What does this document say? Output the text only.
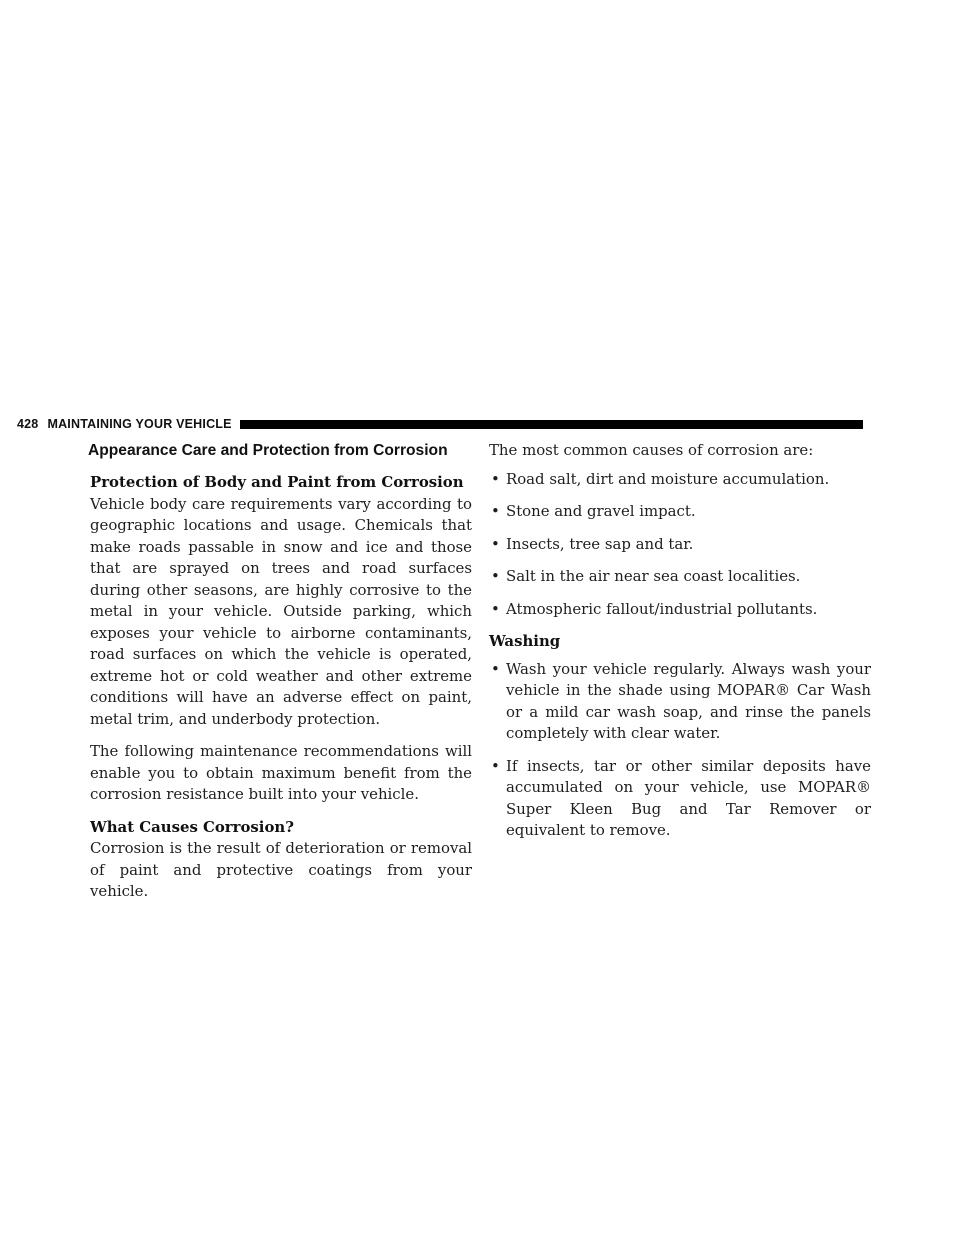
428 MAINTAINING YOUR VEHICLE
Appearance Care and Protection from Corrosion
Protection of Body and Paint from Corrosion

Vehicle body care requirements vary according to geographic locations and usage. Chemicals that make roads passable in snow and ice and those that are sprayed on trees and road surfaces during other seasons, are highly corrosive to the metal in your vehicle. Outside parking, which exposes your vehicle to airborne contaminants, road surfaces on which the vehicle is operated, extreme hot or cold weather and other extreme conditions will have an adverse effect on paint, metal trim, and underbody protection.

The following maintenance recommendations will enable you to obtain maximum benefit from the corrosion resistance built into your vehicle.

What Causes Corrosion?

Corrosion is the result of deterioration or removal of paint and protective coatings from your vehicle.

The most common causes of corrosion are:

• Road salt, dirt and moisture accumulation.
• Stone and gravel impact.
• Insects, tree sap and tar.
• Salt in the air near sea coast localities.
• Atmospheric fallout/industrial pollutants.
Washing
• Wash your vehicle regularly. Always wash your vehicle in the shade using MOPAR® Car Wash or a mild car wash soap, and rinse the panels completely with clear water.
• If insects, tar or other similar deposits have accumulated on your vehicle, use MOPAR® Super Kleen Bug and Tar Remover or equivalent to remove.
